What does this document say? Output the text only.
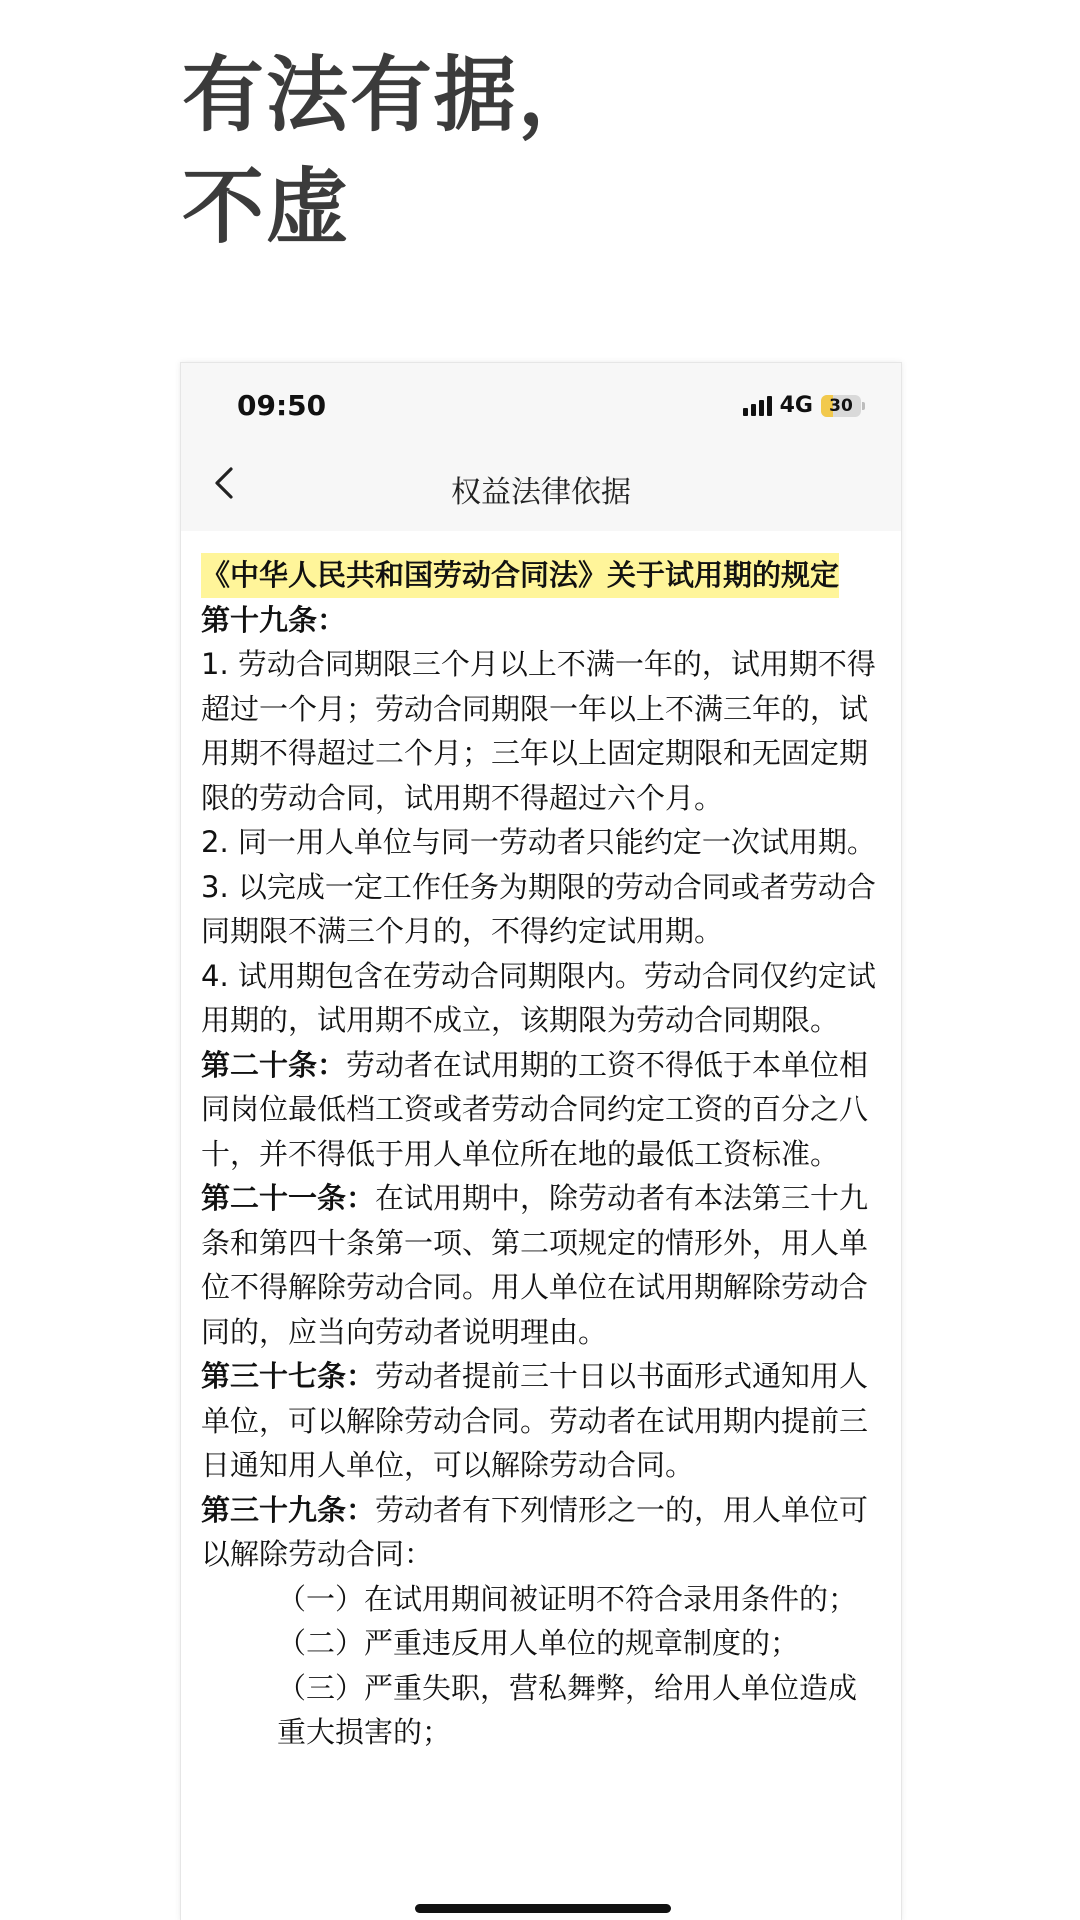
有法有据，
不虚
09:50	4G 30
权益法律依据

《中华人民共和国劳动合同法》关于试用期的规定

第十九条：

1. 劳动合同期限三个月以上不满一年的，试用期不得超过一个月；劳动合同期限一年以上不满三年的，试用期不得超过二个月；三年以上固定期限和无固定期限的劳动合同，试用期不得超过六个月。

2. 同一用人单位与同一劳动者只能约定一次试用期。

3. 以完成一定工作任务为期限的劳动合同或者劳动合同期限不满三个月的，不得约定试用期。

4. 试用期包含在劳动合同期限内。劳动合同仅约定试用期的，试用期不成立，该期限为劳动合同期限。

第二十条：劳动者在试用期的工资不得低于本单位相同岗位最低档工资或者劳动合同约定工资的百分之八十，并不得低于用人单位所在地的最低工资标准。

第二十一条：在试用期中，除劳动者有本法第三十九条和第四十条第一项、第二项规定的情形外，用人单位不得解除劳动合同。用人单位在试用期解除劳动合同的，应当向劳动者说明理由。

第三十七条：劳动者提前三十日以书面形式通知用人单位，可以解除劳动合同。劳动者在试用期内提前三日通知用人单位，可以解除劳动合同。

第三十九条：劳动者有下列情形之一的，用人单位可以解除劳动合同：

（一）在试用期间被证明不符合录用条件的；

（二）严重违反用人单位的规章制度的；

（三）严重失职，营私舞弊，给用人单位造成重大损害的；
